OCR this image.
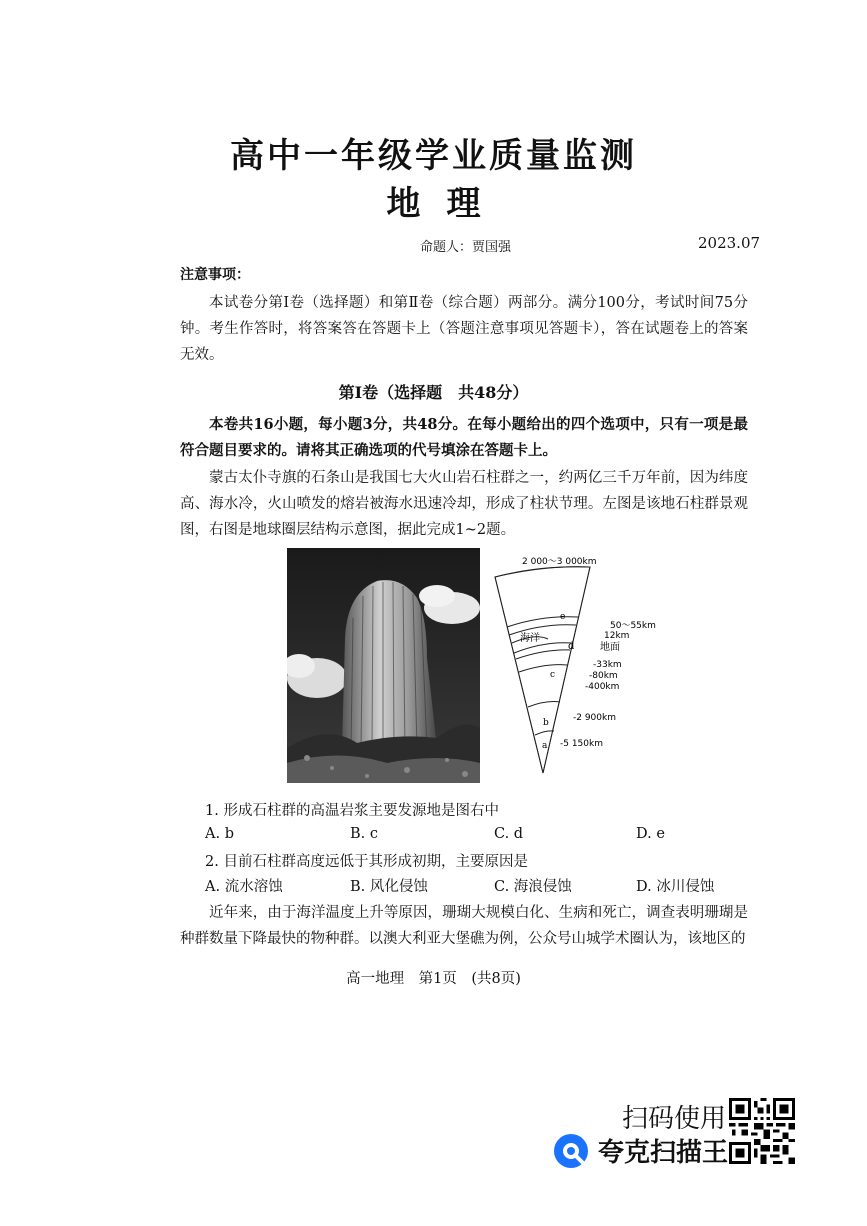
高中一年级学业质量监测
地理
命题人：贾国强	2023.07
注意事项：
本试卷分第Ⅰ卷（选择题）和第Ⅱ卷（综合题）两部分。满分100分，考试时间75分钟。考生作答时，将答案答在答题卡上（答题注意事项见答题卡），答在试题卷上的答案无效。
第Ⅰ卷（选择题　共48分）
本卷共16小题，每小题3分，共48分。在每小题给出的四个选项中，只有一项是最符合题目要求的。请将其正确选项的代号填涂在答题卡上。
蒙古太仆寺旗的石条山是我国七大火山岩石柱群之一，约两亿三千万年前，因为纬度高、海水冷，火山喷发的熔岩被海水迅速冷却，形成了柱状节理。左图是该地石柱群景观图，右图是地球圈层结构示意图，据此完成1~2题。
2 000～3 000km
e
d
c
b
a
海洋
地面
50～55km
12km
-33km
-80km
-400km
-2 900km
-5 150km
1. 形成石柱群的高温岩浆主要发源地是图右中
A. b	B. c	C. d	D. e
2. 目前石柱群高度远低于其形成初期，主要原因是
A. 流水溶蚀	B. 风化侵蚀	C. 海浪侵蚀	D. 冰川侵蚀
近年来，由于海洋温度上升等原因，珊瑚大规模白化、生病和死亡，调查表明珊瑚是种群数量下降最快的物种群。以澳大利亚大堡礁为例，公众号山城学术圈认为，该地区的
高一地理　第1页　(共8页)
扫码使用
夸克扫描王
